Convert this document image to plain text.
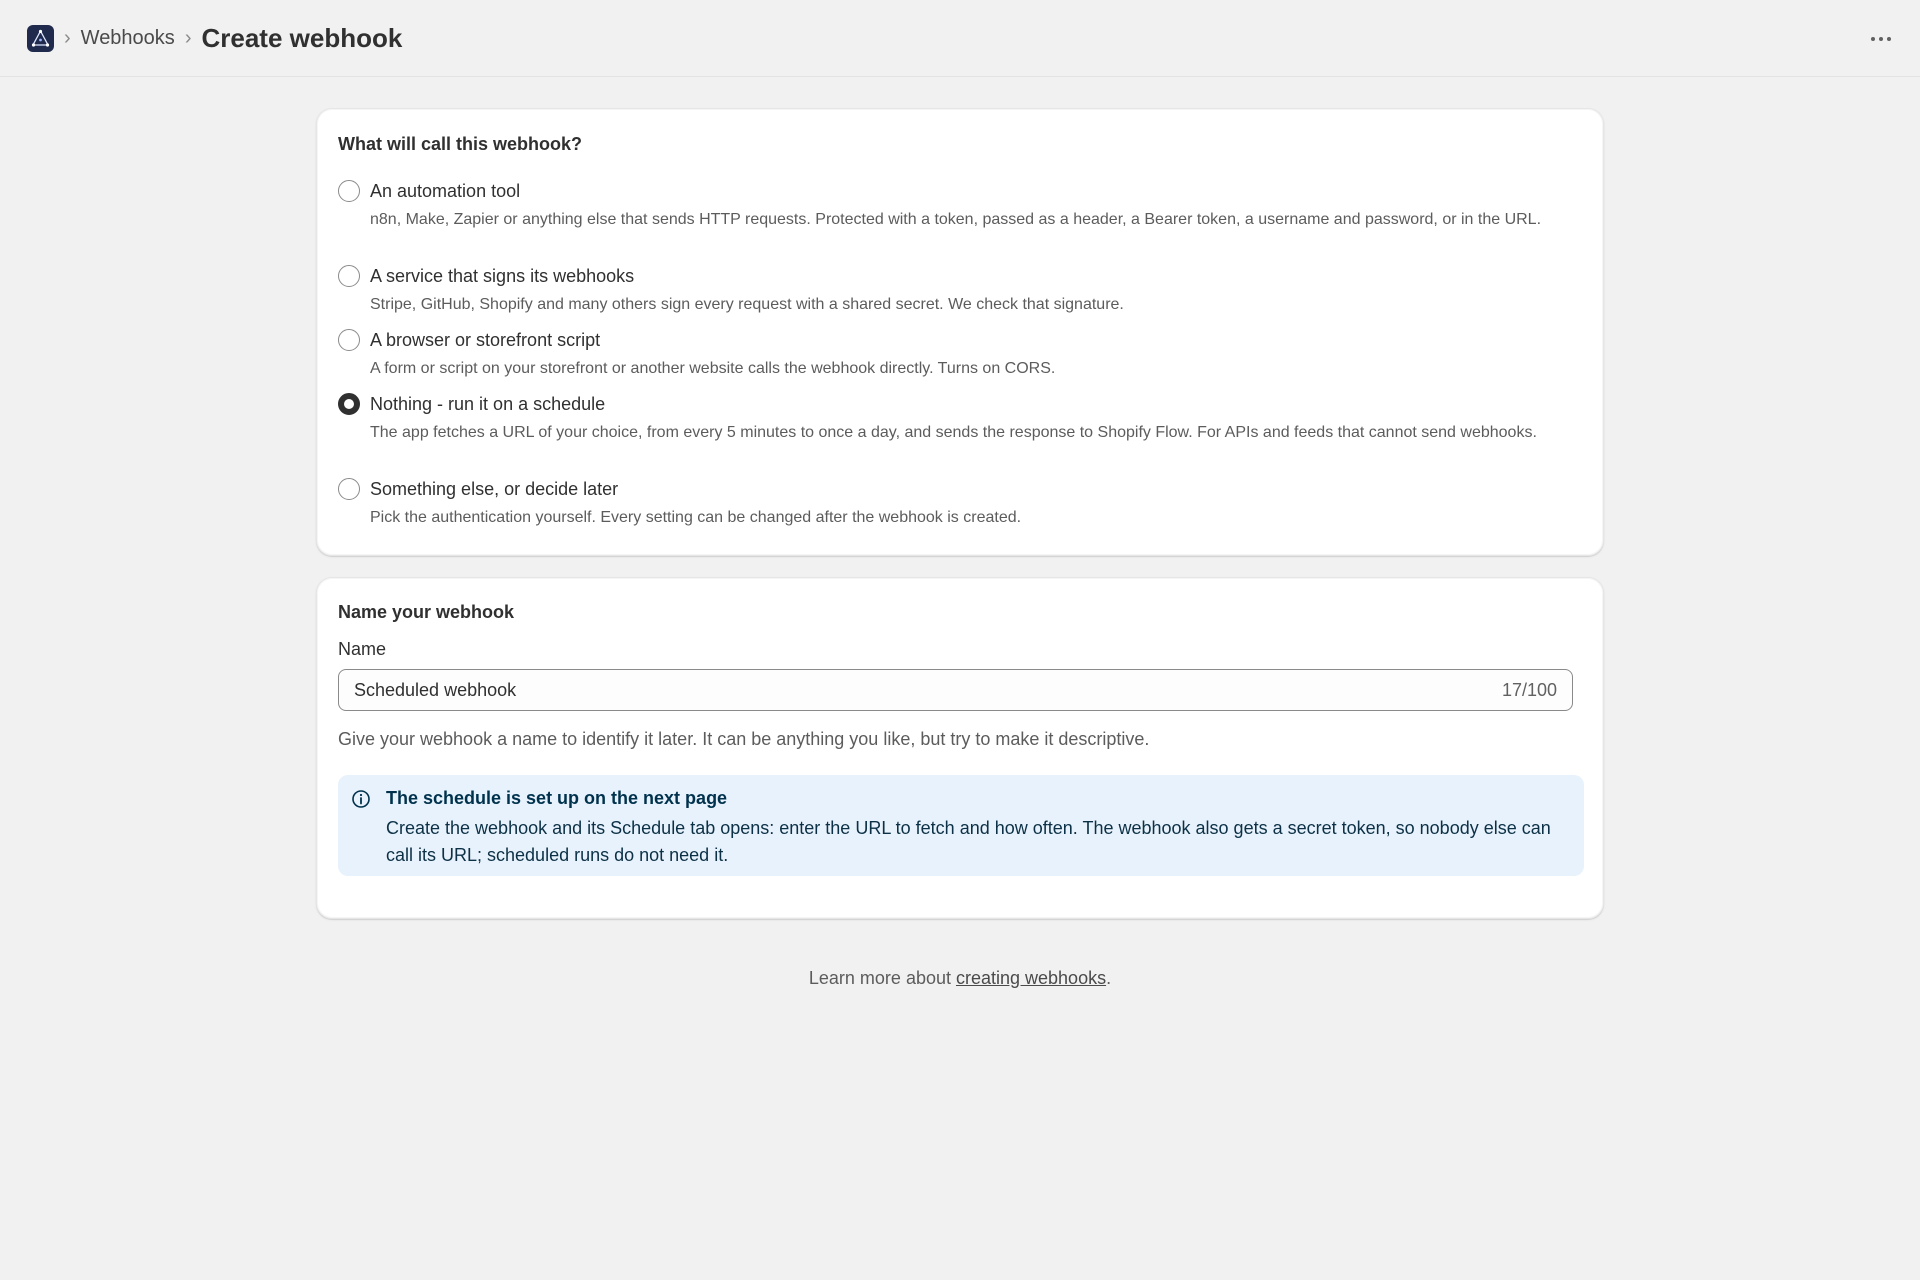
› Webhooks › Create webhook
What will call this webhook?
An automation tool
n8n, Make, Zapier or anything else that sends HTTP requests. Protected with a token, passed as a header, a Bearer token, a username and password, or in the URL.
A service that signs its webhooks
Stripe, GitHub, Shopify and many others sign every request with a shared secret. We check that signature.
A browser or storefront script
A form or script on your storefront or another website calls the webhook directly. Turns on CORS.
Nothing - run it on a schedule
The app fetches a URL of your choice, from every 5 minutes to once a day, and sends the response to Shopify Flow. For APIs and feeds that cannot send webhooks.
Something else, or decide later
Pick the authentication yourself. Every setting can be changed after the webhook is created.
Name your webhook
Name
Scheduled webhook	17/100
Give your webhook a name to identify it later. It can be anything you like, but try to make it descriptive.
The schedule is set up on the next page
Create the webhook and its Schedule tab opens: enter the URL to fetch and how often. The webhook also gets a secret token, so nobody else can call its URL; scheduled runs do not need it.
Learn more about creating webhooks.
